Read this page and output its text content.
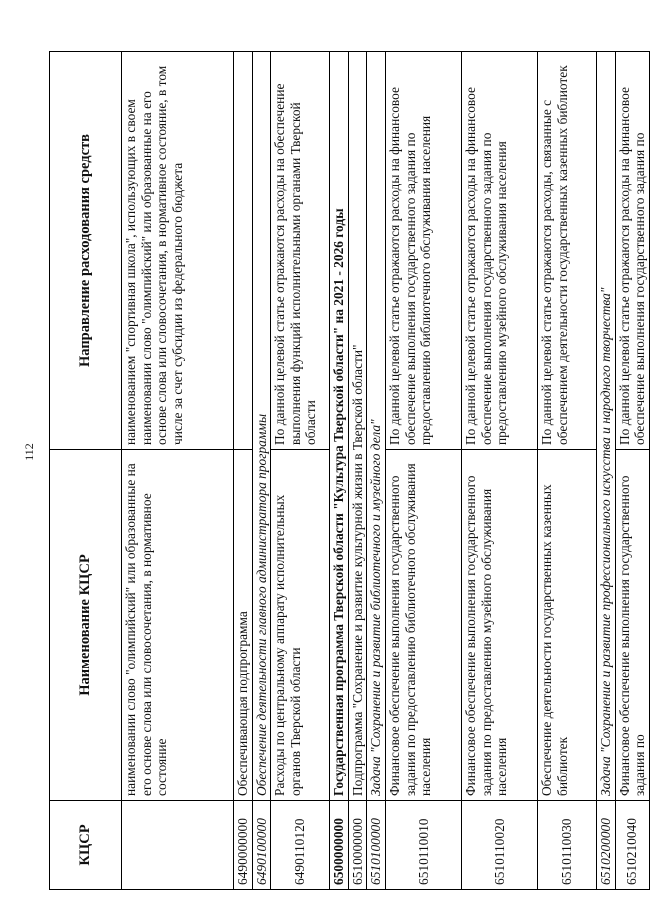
112
КЦСР	Наименование КЦСР	Направление расходования средств
	наименовании слово "олимпийский" или образованные на его основе слова или словосочетания, в нормативное состояние	наименованием "спортивная школа", использующих в своем наименовании слово "олимпийский" или образованные на его основе слова или словосочетания, в нормативное состояние, в том числе за счет субсидии из федерального бюджета
6490000000	Обеспечивающая подпрограмма	
6490100000	Обеспечение деятельности главного администратора программы	
6490110120	Расходы по центральному аппарату исполнительных органов Тверской области	По данной целевой статье отражаются расходы на обеспечение выполнения функций исполнительными органами Тверской области
6500000000	Государственная программа Тверской области "Культура Тверской области" на 2021 - 2026 годы	
6510000000	Подпрограмма "Сохранение и развитие культурной жизни в Тверской области"	
6510100000	Задача "Сохранение и развитие библиотечного и музейного дела"	
6510110010	Финансовое обеспечение выполнения государственного задания по предоставлению библиотечного обслуживания населения	По данной целевой статье отражаются расходы на финансовое обеспечение выполнения государственного задания по предоставлению библиотечного обслуживания населения
6510110020	Финансовое обеспечение выполнения государственного задания по предоставлению музейного обслуживания населения	По данной целевой статье отражаются расходы на финансовое обеспечение выполнения государственного задания по предоставлению музейного обслуживания населения
6510110030	Обеспечение деятельности государственных казенных библиотек	По данной целевой статье отражаются расходы, связанные с обеспечением деятельности государственных казенных библиотек
6510200000	Задача "Сохранение и развитие профессионального искусства и народного творчества"	
6510210040	Финансовое обеспечение выполнения государственного задания по	По данной целевой статье отражаются расходы на финансовое обеспечение выполнения государственного задания по
